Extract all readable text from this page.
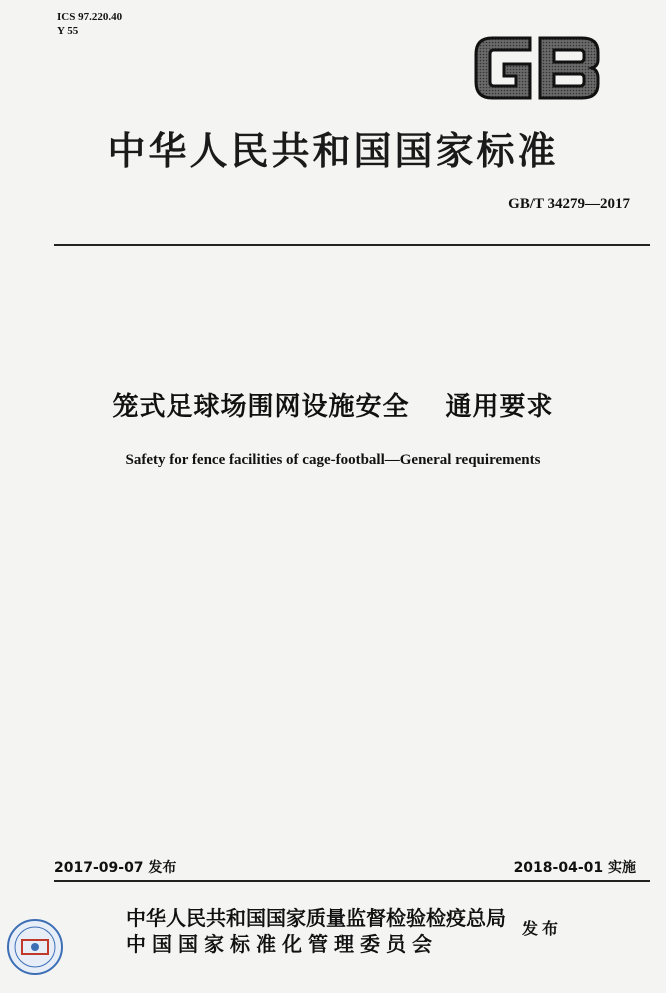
ICS 97.220.40
Y 55
中华人民共和国国家标准
GB/T 34279—2017
笼式足球场围网设施安全 通用要求
Safety for fence facilities of cage-football—General requirements
2017-09-07 发布	2018-04-01 实施
中华人民共和国国家质量监督检验检疫总局
中国国家标准化管理委员会
发布
